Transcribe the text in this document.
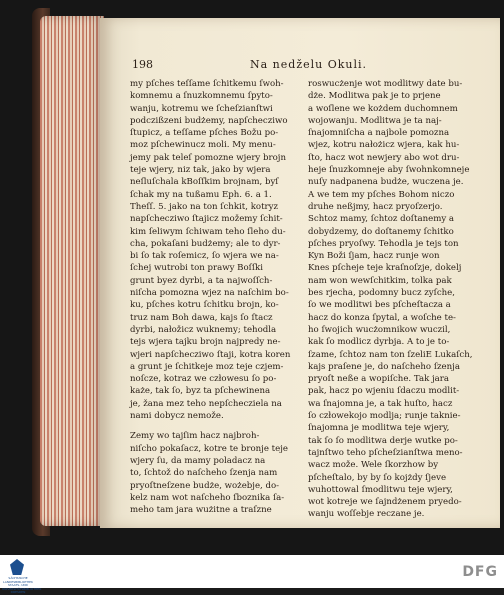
198	Na nedželu Okuli.

my pſches teſſame ſchitkemu ſwoh-
komnemu a ſnuzkomnemu ſpyto-
wanju, kotremu we ſcheſzianſtwi
podczißzeni budżemy, napſchecziwo
ſtupicz, a teſſame pſches Božu po-
moz pſchewinucz moli. My menu-
jemy pak teleſ pomozne wjery brojn
teje wjery, niz tak, jako by wjera
neſluſchala kBoſſkim brojnam, byſ
ſchak my na tußamu Eph. 6. a 1.
Theſſ. 5. jako na ton ſchkit, kotryz
napſchecziwo ſtajicz možemy ſchit-
kim ſeliwym ſchiwam teho ſleho du-
cha, pokaſani budżemy; ale to dyr-
bi ſo tak roſemicz, ſo wjera we na-
ſchej wutrobi ton prawy Boſſki
grunt byez dyrbi, a ta najwoſſch-
niſcha pomozna wjez na naſchim bo-
ku, pſches kotru ſchitku brojn, ko-
truz nam Boh dawa, kajs ſo ſtacz
dyrbi, nałožicz wuknemy; tehodla
tejs wjera tajku brojn najpredy ne-
wjeri napſchecziwo ſtaji, kotra koren
a grunt je ſchitkeje moz teje czjem-
noſcze, kotraz we człowesu ſo po-
każe, tak ſo, byz ta pſchewinena
je, žana mez teho nepſchecziela na
nami dobycz nemože.

Zemy wo tajſim hacz najbroh-
niſcho pokaſacz, kotre te bronje teje
wjery ſu, da mamy poladacz na
to, ſchtož do naſcheho ſzenja nam
pryoſtneſzene budże, wożebje, do-
kelz nam wot naſcheho ſboznika ſa-
meho tam jara wużitne a traſzne

roswucżenje wot modlitwy date bu-
dże. Modlitwa pak je to prjene
a woſlene we kożdem duchomnem
wojowanju. Modlitwa je ta naj-
ſnajomniſcha a najbole pomozna
wjez, kotru nałożicz wjera, kak hu-
ſto, hacz wot newjery abo wot dru-
heje ſnuzkomneje aby ſwohnkomneje
nuſy nadpanena budże, wuczena je.
A we tem my pſches Bohom niczo
druhe neßjmy, hacz pryoſzerjo.
Schtoz mamy, ſchtoz doſtanemy a
dobydzemy, do doſtanemy ſchitko
pſches pryoſwy. Tehodla je tejs ton
Kyn Boži ſjam, hacz runje won
Knes pſcheje teje kraſnoſzje, dokelj
nam won wewſchitkim, tolka pak
bes rjecha, podomny bucz zyſche,
ſo we modlitwi bes pſcheſtacza a
hacz do konza ſpytal, a woſche te-
ho ſwojich wucżomnikow wuczil,
kak ſo modlicz dyrbja. A to je to-
ſzame, ſchtoz nam ton ſzeliE Lukaſch,
kajs praſene je, do naſcheho ſzenja
pryoſt neße a wopiſche. Tak jara
pak, hacz po wjeniu ſdaczu modlit-
wa ſnajomna je, a tak huſto, hacz
ſo człowekojo modlja; runje taknie-
ſnajomna je modlitwa teje wjery,
tak ſo ſo modlitwa derje wutke po-
tajnſtwo teho pſcheſzianſtwa meno-
wacz može. Wele ſkorzhow by
pſcheſtalo, by by ſo kojżdy ſjeve
wuhottowal ſmodlitwu teje wjery,
wot kotreje we ſajndżenem pryedo-
wanju woſſebje reczane je.

SÄCHSISCHE
LANDESBIBLIOTHEK
STAATS- UND
UNIVERSITÄTSBIBLIOTHEK
DRESDEN
DFG
